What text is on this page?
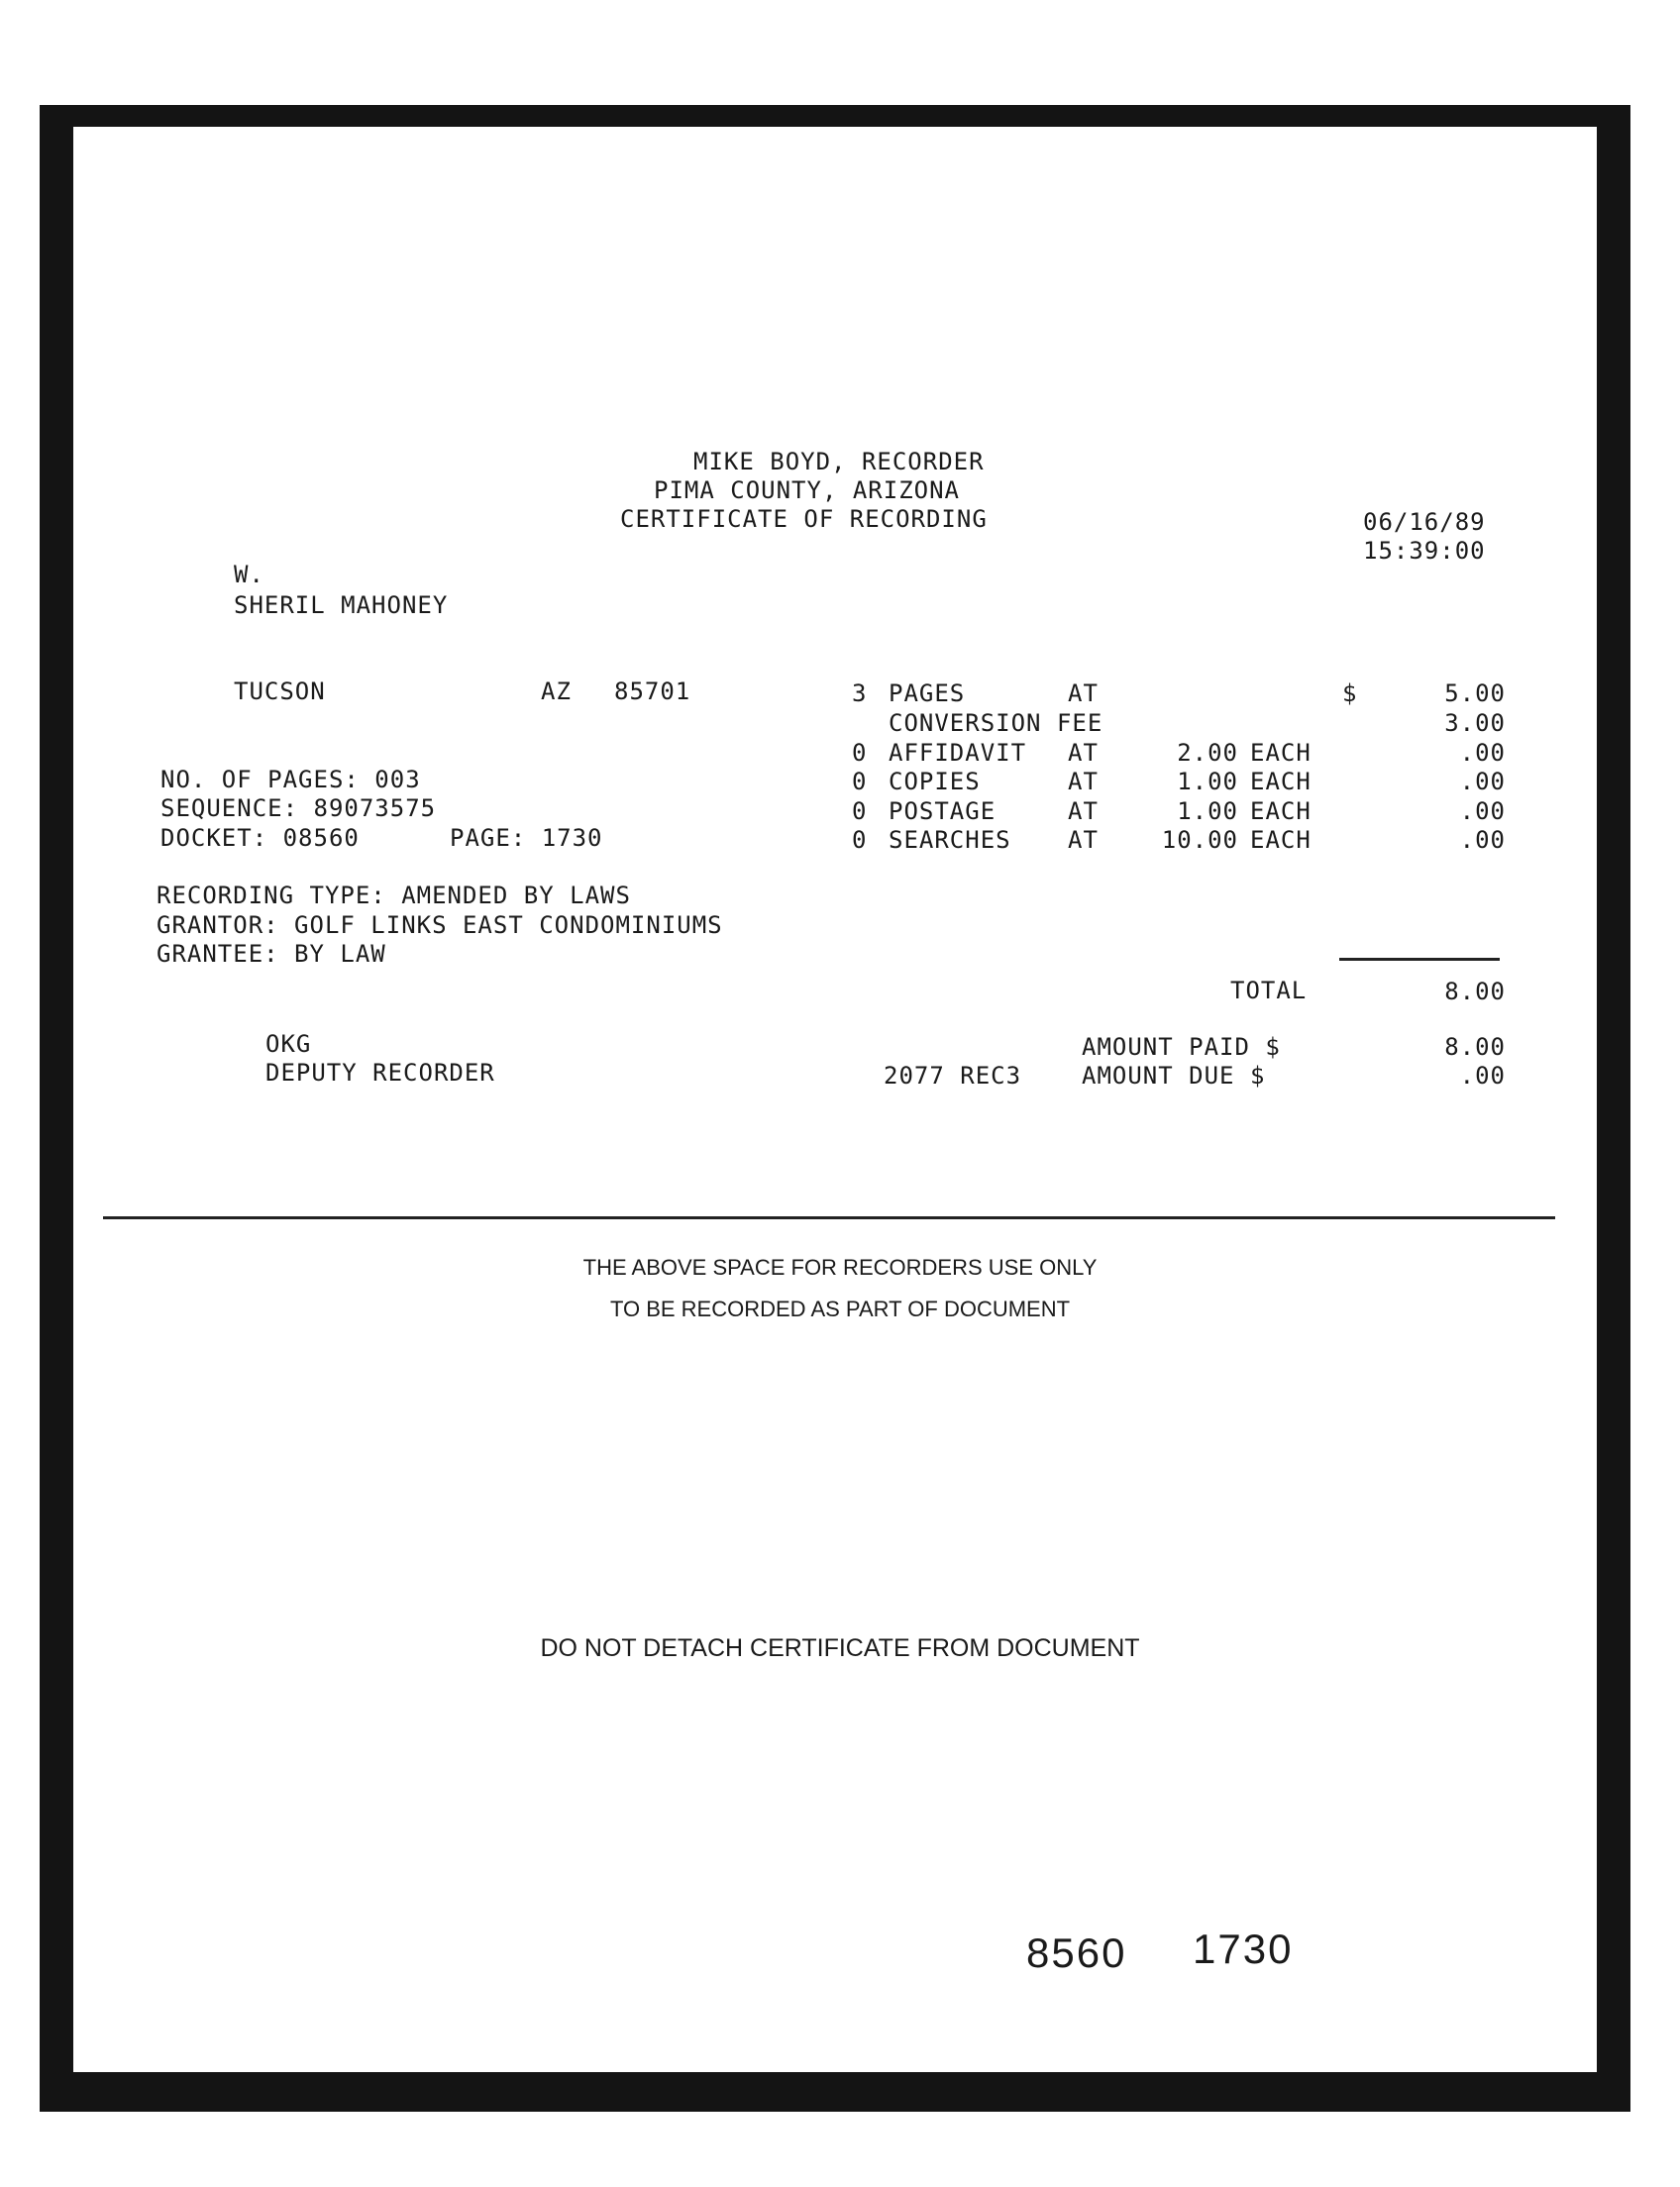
MIKE BOYD, RECORDER
PIMA COUNTY, ARIZONA
CERTIFICATE OF RECORDING	06/16/89
15:39:00
W.
SHERIL MAHONEY
TUCSON	AZ 85701
NO. OF PAGES: 003
SEQUENCE: 89073575
DOCKET: 08560	PAGE: 1730
RECORDING TYPE: AMENDED BY LAWS
GRANTOR: GOLF LINKS EAST CONDOMINIUMS
GRANTEE: BY LAW
3 PAGES	AT	$	5.00
CONVERSION FEE	3.00
0 AFFIDAVIT AT	2.00 EACH	.00
0 COPIES	AT	1.00 EACH	.00
0 POSTAGE	AT	1.00 EACH	.00
0 SEARCHES AT	10.00 EACH	.00
TOTAL	8.00
OKG
DEPUTY RECORDER	2077 REC3
AMOUNT PAID $	8.00
AMOUNT DUE $	.00
THE ABOVE SPACE FOR RECORDERS USE ONLY
TO BE RECORDED AS PART OF DOCUMENT
DO NOT DETACH CERTIFICATE FROM DOCUMENT
8560 1730
